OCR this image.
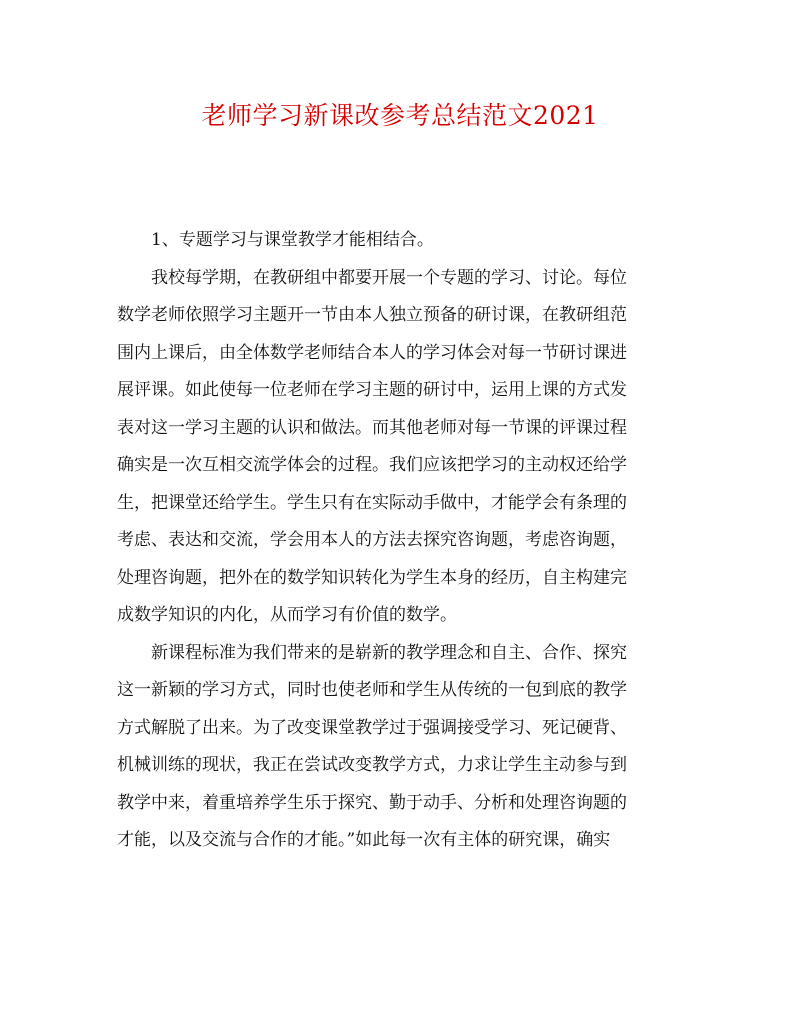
老师学习新课改参考总结范文2021

1、专题学习与课堂教学才能相结合。

我校每学期，在教研组中都要开展一个专题的学习、讨论。每位
数学老师依照学习主题开一节由本人独立预备的研讨课，在教研组范
围内上课后，由全体数学老师结合本人的学习体会对每一节研讨课进
展评课。如此使每一位老师在学习主题的研讨中，运用上课的方式发
表对这一学习主题的认识和做法。而其他老师对每一节课的评课过程
确实是一次互相交流学体会的过程。我们应该把学习的主动权还给学
生，把课堂还给学生。学生只有在实际动手做中，才能学会有条理的
考虑、表达和交流，学会用本人的方法去探究咨询题，考虑咨询题，
处理咨询题，把外在的数学知识转化为学生本身的经历，自主构建完
成数学知识的内化，从而学习有价值的数学。

新课程标准为我们带来的是崭新的教学理念和自主、合作、探究
这一新颖的学习方式，同时也使老师和学生从传统的一包到底的教学
方式解脱了出来。为了改变课堂教学过于强调接受学习、死记硬背、
机械训练的现状，我正在尝试改变教学方式，力求让学生主动参与到
教学中来，着重培养学生乐于探究、勤于动手、分析和处理咨询题的
才能，以及交流与合作的才能。”如此每一次有主体的研究课，确实
